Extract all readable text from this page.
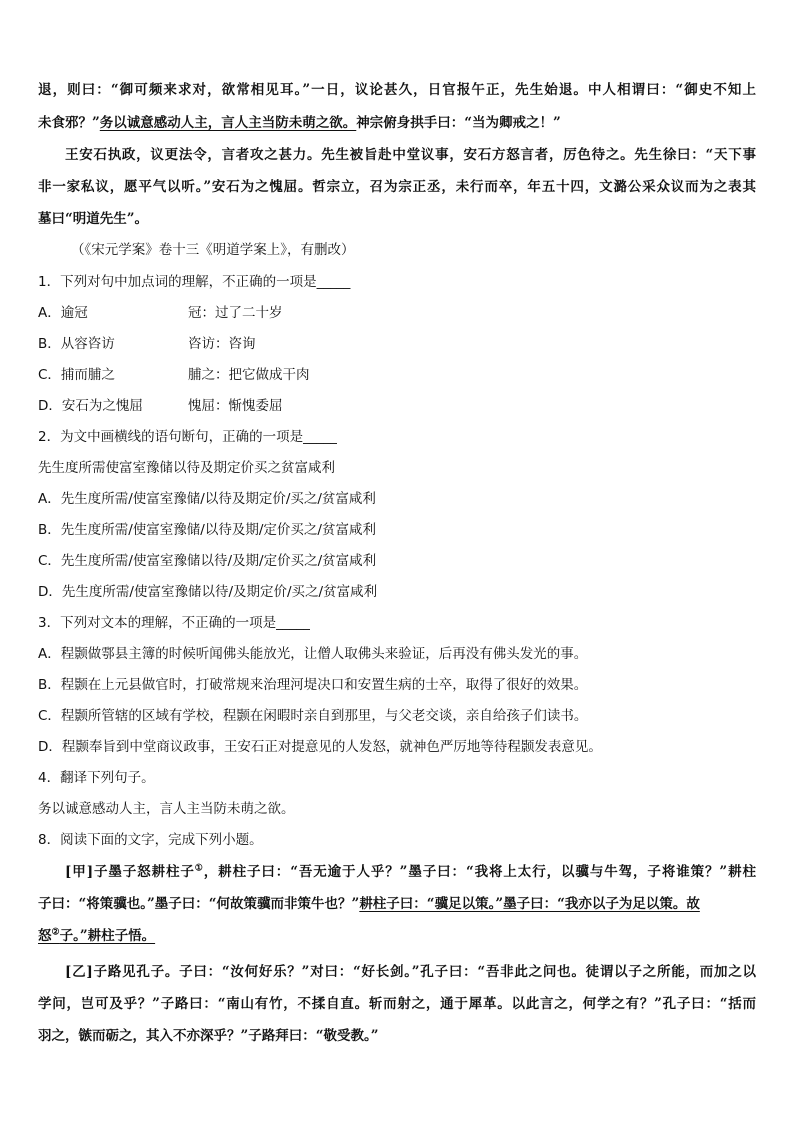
退，则曰：“御可频来求对，欲常相见耳。”一日，议论甚久，日官报午正，先生始退。中人相谓曰：“御史不知上
未食邪？”务以诚意感动人主，言人主当防未萌之欲。神宗俯身拱手曰：“当为卿戒之！”
王安石执政，议更法令，言者攻之甚力。先生被旨赴中堂议事，安石方怒言者，厉色待之。先生徐曰：“天下事
非一家私议，愿平气以听。”安石为之愧屈。哲宗立，召为宗正丞，未行而卒，年五十四，文潞公采众议而为之表其
墓曰“明道先生”。
（《宋元学案》卷十三《明道学案上》，有删改）
1．下列对句中加点词的理解，不正确的一项是_____
A．逾冠	冠：过了二十岁
B．从容咨访	咨访：咨询
C．捕而脯之	脯之：把它做成干肉
D．安石为之愧屈	愧屈：惭愧委屈
2．为文中画横线的语句断句，正确的一项是_____
先生度所需使富室豫储以待及期定价买之贫富咸利
A．先生度所需/使富室豫储/以待及期定价/买之/贫富咸利
B．先生度所需/使富室豫储/以待及期/定价买之/贫富咸利
C．先生度所需/使富室豫储以待/及期/定价买之/贫富咸利
D．先生度所需/使富室豫储以待/及期定价/买之/贫富咸利
3．下列对文本的理解，不正确的一项是_____
A．程颢做鄠县主簿的时候听闻佛头能放光，让僧人取佛头来验证，后再没有佛头发光的事。
B．程颢在上元县做官时，打破常规来治理河堤决口和安置生病的士卒，取得了很好的效果。
C．程颢所管辖的区域有学校，程颢在闲暇时亲自到那里，与父老交谈，亲自给孩子们读书。
D．程颢奉旨到中堂商议政事，王安石正对提意见的人发怒，就神色严厉地等待程颢发表意见。
4．翻译下列句子。
务以诚意感动人主，言人主当防未萌之欲。
8．阅读下面的文字，完成下列小题。
[甲]子墨子怒耕柱子①，耕柱子曰：“吾无逾于人乎？”墨子曰：“我将上太行，以骥与牛驾，子将谁策？”耕柱
子曰：“将策骥也。”墨子曰：“何故策骥而非策牛也？”耕柱子曰：“骥足以策。”墨子曰：“我亦以子为足以策。故
怒②子。”耕柱子悟。
[乙]子路见孔子。子曰：“汝何好乐？”对曰：“好长剑。”孔子曰：“吾非此之问也。徒谓以子之所能，而加之以
学问，岂可及乎？”子路曰：“南山有竹，不揉自直。斩而射之，通于犀革。以此言之，何学之有？”孔子曰：“括而
羽之，镞而砺之，其入不亦深乎？”子路拜曰：“敬受教。”
